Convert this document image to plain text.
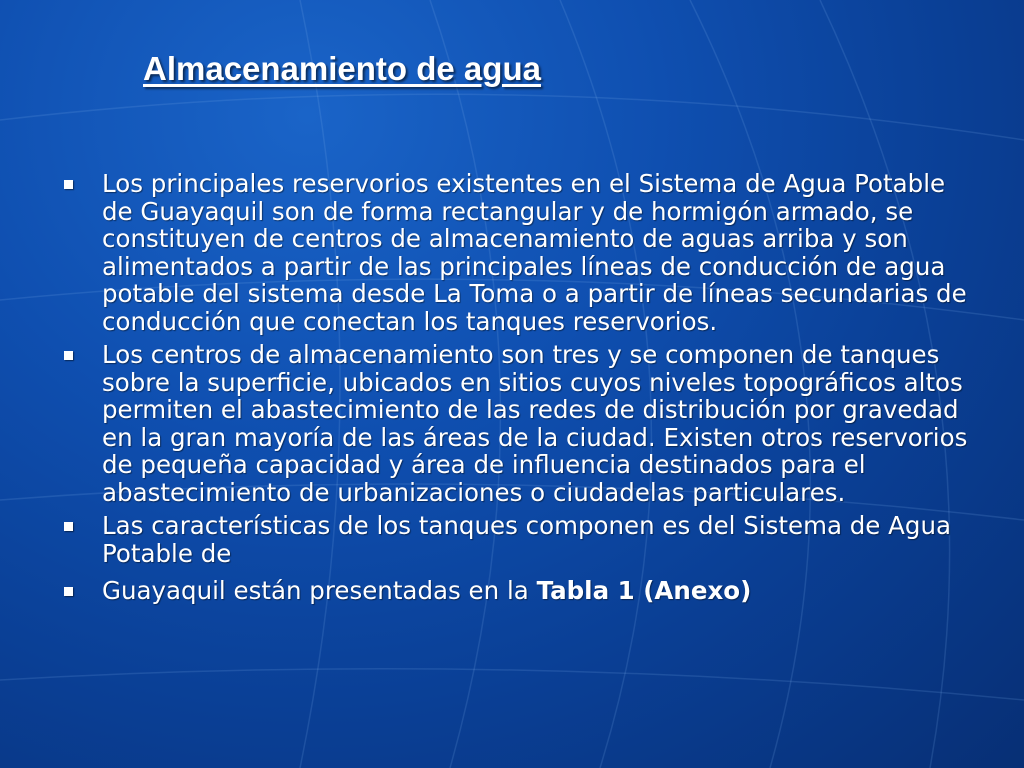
Almacenamiento de agua
Los principales reservorios existentes en el Sistema de Agua Potable de Guayaquil son de forma rectangular y de hormigón armado, se constituyen de centros de almacenamiento de aguas arriba y son alimentados a partir de las principales líneas de conducción de agua potable del sistema desde La Toma o a partir de líneas secundarias de conducción que conectan los tanques reservorios.
Los centros de almacenamiento son tres y se componen de tanques sobre la superficie, ubicados en sitios cuyos niveles topográficos altos permiten el abastecimiento de las redes de distribución por gravedad en la gran mayoría de las áreas de la ciudad. Existen otros reservorios de pequeña capacidad y área de influencia destinados para el abastecimiento de urbanizaciones o ciudadelas particulares.
Las características de los tanques componen es del Sistema de Agua Potable de
Guayaquil están presentadas en la Tabla 1 (Anexo)
